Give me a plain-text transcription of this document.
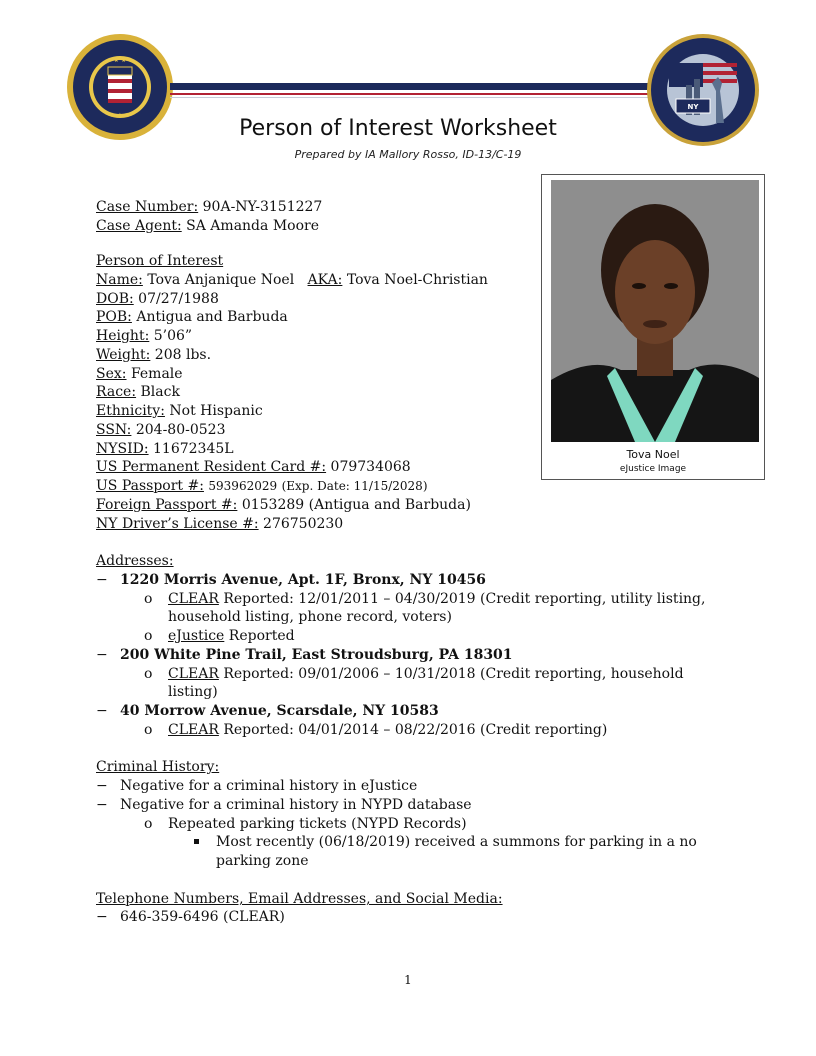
★ ★ ★ ★
★ ★ ★
NY
Person of Interest Worksheet
Prepared by IA Mallory Rosso, ID-13/C-19
Tova Noel
eJustice Image
Case Number: 90A-NY-3151227
Case Agent: SA Amanda Moore
Person of Interest
Name: Tova Anjanique Noel AKA: Tova Noel-Christian
DOB: 07/27/1988
POB: Antigua and Barbuda
Height: 5’06”
Weight: 208 lbs.
Sex: Female
Race: Black
Ethnicity: Not Hispanic
SSN: 204-80-0523
NYSID: 11672345L
US Permanent Resident Card #: 079734068
US Passport #: 593962029 (Exp. Date: 11/15/2028)
Foreign Passport #: 0153289 (Antigua and Barbuda)
NY Driver’s License #: 276750230
Addresses:
− 1220 Morris Avenue, Apt. 1F, Bronx, NY 10456
o CLEAR Reported: 12/01/2011 – 04/30/2019 (Credit reporting, utility listing,
household listing, phone record, voters)
o eJustice Reported
− 200 White Pine Trail, East Stroudsburg, PA 18301
o CLEAR Reported: 09/01/2006 – 10/31/2018 (Credit reporting, household
listing)
− 40 Morrow Avenue, Scarsdale, NY 10583
o CLEAR Reported: 04/01/2014 – 08/22/2016 (Credit reporting)
Criminal History:
− Negative for a criminal history in eJustice
− Negative for a criminal history in NYPD database
o Repeated parking tickets (NYPD Records)
Most recently (06/18/2019) received a summons for parking in a no
parking zone
Telephone Numbers, Email Addresses, and Social Media:
− 646-359-6496 (CLEAR)
1
